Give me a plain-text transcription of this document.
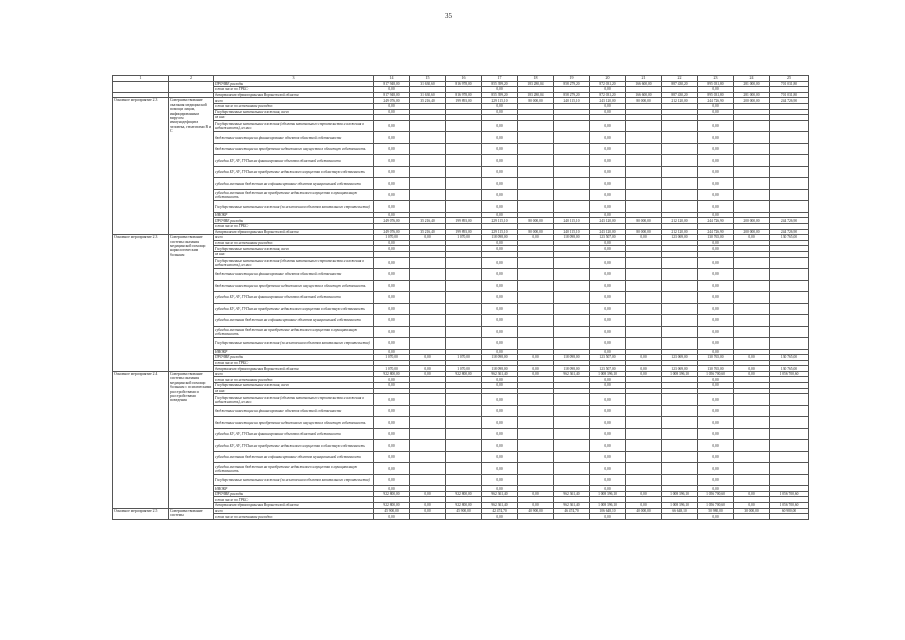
35
1	2	3	14	15	16	17	18	19	20	21	22	23	24	25
		ПРОЧИЕ расходы	817 948,00	31 630,60	816 978,00	855 399,20	183 280,04	858 279,20	872 031,20	166 600,00	887 430,20	895 031,80	281 000,00	701 031,80
		в том числе по ГРБС:	0,00			0,00			0,00			0,00		
		департамент здравоохранения Воронежской области	817 948,00	31 630,60	816 978,00	855 399,20	183 280,04	858 279,20	872 031,20	166 600,00	887 430,20	895 031,80	281 000,00	701 031,80
Основное мероприятие 2.3	Совершенствование оказания медицинской помощи лицам, инфицированным вирусом иммунодефицита человека, гепатитами B и C	всего	249 076,00	35 216,40	199 893,00	229 115,10	80 000,00	240 115,10	243 120,00	80 000,00	212 120,00	244 726,90	200 000,00	244 726,90
		в том числе по источникам расходов:	0,00			0,00			0,00			0,00		
		Государственные капитальные вложения, всего	0,00			0,00			0,00			0,00		
		из них:												
		Государственные капитальные вложения (объекты капитального строительства и вложения в недвижимость), из них:	0,00			0,00			0,00			0,00		
		бюджетные инвестиции на финансирование объектов областной собственности	0,00			0,00			0,00			0,00		
		бюджетные инвестиции на приобретение недвижимого имущества в областную собственность	0,00			0,00			0,00			0,00		
		субсидии БУ, АУ, ГУПам на финансирование объектов областной собственности	0,00			0,00			0,00			0,00		
		субсидии БУ, АУ, ГУПам на приобретение недвижимого имущества в областную собственность	0,00			0,00			0,00			0,00		
		субсидии местным бюджетам на софинансирование объектов муниципальной собственности	0,00			0,00			0,00			0,00		
		субсидии местным бюджетам на приобретение недвижимого имущества в муниципальную собственность	0,00			0,00			0,00			0,00		
		Государственные капитальные вложения (за исключением объектов капитального строительства)	0,00			0,00			0,00			0,00		
		НИОКР	0,00			0,00			0,00			0,00		
		ПРОЧИЕ расходы	249 076,00	35 216,40	199 893,00	229 115,10	80 000,00	240 115,10	243 120,00	80 000,00	212 120,00	244 726,90	200 000,00	244 726,90
		в том числе по ГРБС:												
		департамент здравоохранения Воронежской области	249 076,00	35 216,40	199 893,00	229 115,10	80 000,00	240 115,10	243 120,00	80 000,00	212 120,00	244 726,90	200 000,00	244 726,90
Основное мероприятие 2.3	Совершенствование системы оказания медицинской помощи наркологическим больным	всего	1 070,00	0,00	1 070,00	118 098,00	0,00	118 098,00	123 507,00	0,00	123 069,00	130 765,00	0,00	130 765,00
		в том числе по источникам расходов:	0,00			0,00			0,00			0,00		
		Государственные капитальные вложения, всего	0,00			0,00			0,00			0,00		
		из них:												
		Государственные капитальные вложения (объекты капитального строительства и вложения в недвижимость), из них:	0,00			0,00			0,00			0,00		
		бюджетные инвестиции на финансирование объектов областной собственности	0,00			0,00			0,00			0,00		
		бюджетные инвестиции на приобретение недвижимого имущества в областную собственность	0,00			0,00			0,00			0,00		
		субсидии БУ, АУ, ГУПам на финансирование объектов областной собственности	0,00			0,00			0,00			0,00		
		субсидии БУ, АУ, ГУПам на приобретение недвижимого имущества в областную собственность	0,00			0,00			0,00			0,00		
		субсидии местным бюджетам на софинансирование объектов муниципальной собственности	0,00			0,00			0,00			0,00		
		субсидии местным бюджетам на приобретение недвижимого имущества в муниципальную собственность	0,00			0,00			0,00			0,00		
		Государственные капитальные вложения (за исключением объектов капитального строительства)	0,00			0,00			0,00			0,00		
		НИОКР	0,00			0,00			0,00			0,00		
		ПРОЧИЕ расходы	1 070,00	0,00	1 070,00	118 098,00	0,00	118 098,00	123 507,00	0,00	123 069,00	130 765,00	0,00	130 765,00
		в том числе по ГРБС:												
		департамент здравоохранения Воронежской области	1 070,00	0,00	1 070,00	118 098,00	0,00	118 098,00	123 507,00	0,00	123 069,00	130 765,00	0,00	130 765,00
Основное мероприятие 2.4	Совершенствование системы оказания медицинской помощи больным с психическими расстройствами и расстройствами поведения	всего	922 800,00	0,00	922 800,00	962 361,40	0,00	962 361,40	1 008 396,10	0,00	1 008 396,10	1 056 700,60	0,00	1 056 700,60
		в том числе по источникам расходов:	0,00			0,00			0,00			0,00		
		Государственные капитальные вложения, всего	0,00			0,00			0,00			0,00		
		из них:												
		Государственные капитальные вложения (объекты капитального строительства и вложения в недвижимость), из них:	0,00			0,00			0,00			0,00		
		бюджетные инвестиции на финансирование объектов областной собственности	0,00			0,00			0,00			0,00		
		бюджетные инвестиции на приобретение недвижимого имущества в областную собственность	0,00			0,00			0,00			0,00		
		субсидии БУ, АУ, ГУПам на финансирование объектов областной собственности	0,00			0,00			0,00			0,00		
		субсидии БУ, АУ, ГУПам на приобретение недвижимого имущества в областную собственность	0,00			0,00			0,00			0,00		
		субсидии местным бюджетам на софинансирование объектов муниципальной собственности	0,00			0,00			0,00			0,00		
		субсидии местным бюджетам на приобретение недвижимого имущества в муниципальную собственность	0,00			0,00			0,00			0,00		
		Государственные капитальные вложения (за исключением объектов капитального строительства)	0,00			0,00			0,00			0,00		
		НИОКР	0,00			0,00			0,00			0,00		
		ПРОЧИЕ расходы	922 800,00	0,00	922 800,00	962 361,40	0,00	962 361,40	1 008 396,10	0,00	1 008 396,10	1 056 700,60	0,00	1 056 700,60
		в том числе по ГРБС:												
		департамент здравоохранения Воронежской области	922 800,00	0,00	922 800,00	962 361,40	0,00	962 361,40	1 008 396,10	0,00	1 008 396,10	1 056 700,60	0,00	1 056 700,60
Основное мероприятие 2.5	Совершенствование системы	всего	45 900,00	0,00	45 900,00	42 474,70	40 900,00	46 474,70	106 648,10	40 000,00	66 648,10	50 980,00	30 000,00	60 980,00
		в том числе по источникам расходов:	0,00			0,00			0,00			0,00		
